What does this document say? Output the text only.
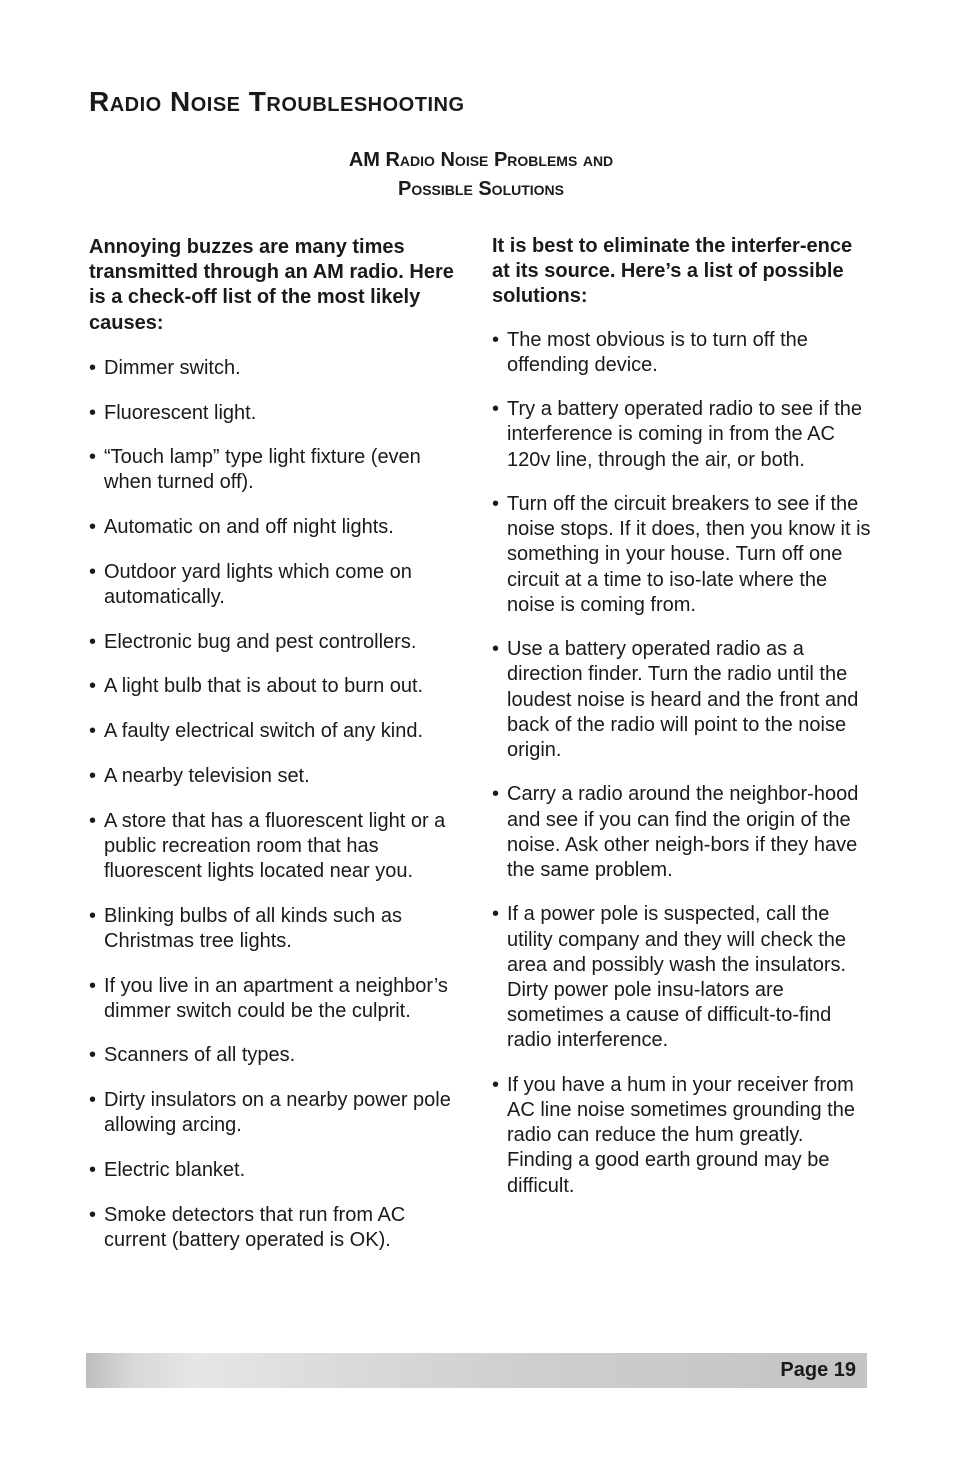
Radio Noise Troubleshooting
AM Radio Noise Problems and
Possible Solutions

Annoying buzzes are many times transmitted through an AM radio. Here is a check-off list of the most likely causes:

• Dimmer switch.
• Fluorescent light.
• “Touch lamp” type light fixture (even when turned off).
• Automatic on and off night lights.
• Outdoor yard lights which come on automatically.
• Electronic bug and pest controllers.
• A light bulb that is about to burn out.
• A faulty electrical switch of any kind.
• A nearby television set.
• A store that has a fluorescent light or a public recreation room that has fluorescent lights located near you.
• Blinking bulbs of all kinds such as Christmas tree lights.
• If you live in an apartment a neighbor’s dimmer switch could be the culprit.
• Scanners of all types.
• Dirty insulators on a nearby power pole allowing arcing.
• Electric blanket.
• Smoke detectors that run from AC current (battery operated is OK).

It is best to eliminate the interfer-ence at its source. Here’s a list of possible solutions:

• The most obvious is to turn off the offending device.
• Try a battery operated radio to see if the interference is coming in from the AC 120v line, through the air, or both.
• Turn off the circuit breakers to see if the noise stops. If it does, then you know it is something in your house. Turn off one circuit at a time to iso-late where the noise is coming from.
• Use a battery operated radio as a direction finder. Turn the radio until the loudest noise is heard and the front and back of the radio will point to the noise origin.
• Carry a radio around the neighbor-hood and see if you can find the origin of the noise. Ask other neigh-bors if they have the same problem.
• If a power pole is suspected, call the utility company and they will check the area and possibly wash the insulators. Dirty power pole insu-lators are sometimes a cause of difficult-to-find radio interference.
• If you have a hum in your receiver from AC line noise sometimes grounding the radio can reduce the hum greatly. Finding a good earth ground may be difficult.
Page 19
